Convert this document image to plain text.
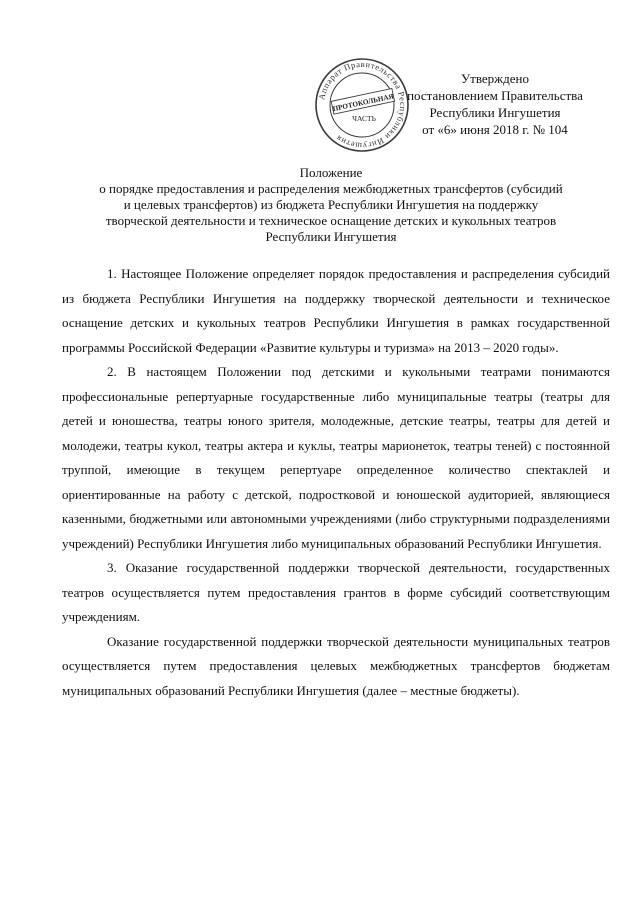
Аппарат Правительства Республики Ингушетия
ПРОТОКОЛЬНАЯ
ЧАСТЬ
Утверждено
постановлением Правительства
Республики Ингушетия
от «6» июня 2018 г. № 104
Положение
о порядке предоставления и распределения межбюджетных трансфертов (субсидий
и целевых трансфертов) из бюджета Республики Ингушетия на поддержку
творческой деятельности и техническое оснащение детских и кукольных театров
Республики Ингушетия

1. Настоящее Положение определяет порядок предоставления и распределения субсидий из бюджета Республики Ингушетия на поддержку творческой деятельности и техническое оснащение детских и кукольных театров Республики Ингушетия в рамках государственной программы Российской Федерации «Развитие культуры и туризма» на 2013 – 2020 годы».

2. В настоящем Положении под детскими и кукольными театрами понимаются профессиональные репертуарные государственные либо муниципальные театры (театры для детей и юношества, театры юного зрителя, молодежные, детские театры, театры для детей и молодежи, театры кукол, театры актера и куклы, театры марионеток, театры теней) с постоянной труппой, имеющие в текущем репертуаре определенное количество спектаклей и ориентированные на работу с детской, подростковой и юношеской аудиторией, являющиеся казенными, бюджетными или автономными учреждениями (либо структурными подразделениями учреждений) Республики Ингушетия либо муниципальных образований Республики Ингушетия.

3. Оказание государственной поддержки творческой деятельности, государственных театров осуществляется путем предоставления грантов в форме субсидий соответствующим учреждениям.

Оказание государственной поддержки творческой деятельности муниципальных театров осуществляется путем предоставления целевых межбюджетных трансфертов бюджетам муниципальных образований Республики Ингушетия (далее – местные бюджеты).
